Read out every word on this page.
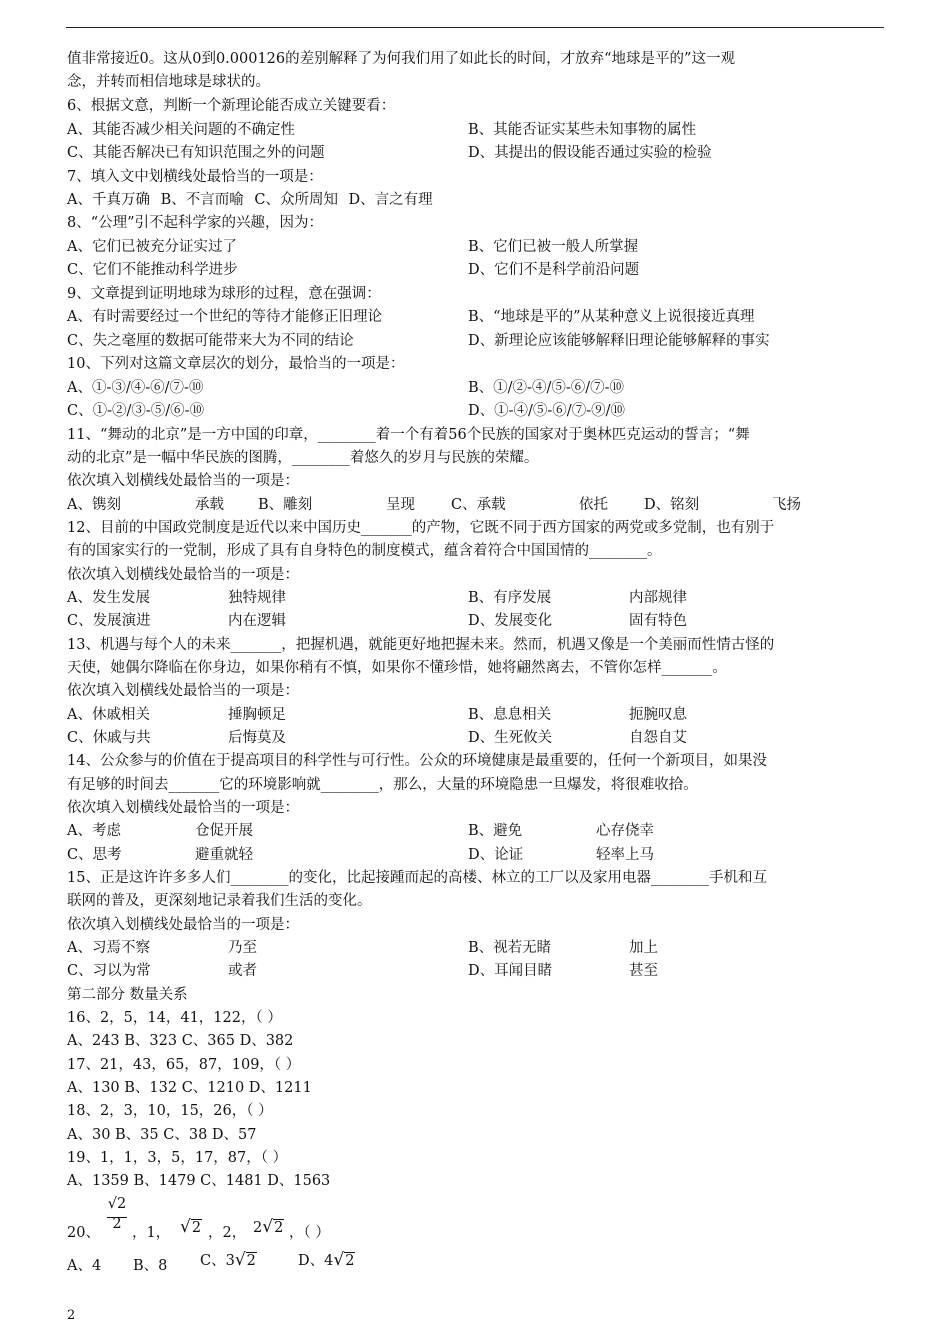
值非常接近0。这从0到0.000126的差别解释了为何我们用了如此长的时间，才放弃“地球是平的”这一观
念，并转而相信地球是球状的。
6、根据文意，判断一个新理论能否成立关键要看：
A、其能否减少相关问题的不确定性	B、其能否证实某些未知事物的属性
C、其能否解决已有知识范围之外的问题	D、其提出的假设能否通过实验的检验
7、填入文中划横线处最恰当的一项是：
A、千真万确 B、不言而喻 C、众所周知 D、言之有理
8、“公理”引不起科学家的兴趣，因为：
A、它们已被充分证实过了	B、它们已被一般人所掌握
C、它们不能推动科学进步	D、它们不是科学前沿问题
9、文章提到证明地球为球形的过程，意在强调：
A、有时需要经过一个世纪的等待才能修正旧理论	B、“地球是平的”从某种意义上说很接近真理
C、失之毫厘的数据可能带来大为不同的结论	D、新理论应该能够解释旧理论能够解释的事实
10、下列对这篇文章层次的划分，最恰当的一项是：
A、①-③/④-⑥/⑦-⑩	B、①/②-④/⑤-⑥/⑦-⑩
C、①-②/③-⑤/⑥-⑩	D、①-④/⑤-⑥/⑦-⑨/⑩
11、“舞动的北京”是一方中国的印章，________着一个有着56个民族的国家对于奥林匹克运动的誓言；“舞
动的北京”是一幅中华民族的图腾，________着悠久的岁月与民族的荣耀。
依次填入划横线处最恰当的一项是：
A、镌刻	承载 B、雕刻	呈现 C、承载	依托 D、铭刻	飞扬
12、目前的中国政党制度是近代以来中国历史_______的产物，它既不同于西方国家的两党或多党制，也有别于
有的国家实行的一党制，形成了具有自身特色的制度模式，蕴含着符合中国国情的________。
依次填入划横线处最恰当的一项是：
A、发生发展	独特规律	B、有序发展	内部规律
C、发展演进	内在逻辑	D、发展变化	固有特色
13、机遇与每个人的未来_______，把握机遇，就能更好地把握未来。然而，机遇又像是一个美丽而性情古怪的
天使，她偶尔降临在你身边，如果你稍有不慎，如果你不懂珍惜，她将翩然离去，不管你怎样_______。
依次填入划横线处最恰当的一项是：
A、休戚相关	捶胸顿足	B、息息相关	扼腕叹息
C、休戚与共	后悔莫及	D、生死攸关	自怨自艾
14、公众参与的价值在于提高项目的科学性与可行性。公众的环境健康是最重要的，任何一个新项目，如果没
有足够的时间去_______它的环境影响就________，那么，大量的环境隐患一旦爆发，将很难收拾。
依次填入划横线处最恰当的一项是：
A、考虑	仓促开展	B、避免	心存侥幸
C、思考	避重就轻	D、论证	轻率上马
15、正是这许许多多人们________的变化，比起接踵而起的高楼、林立的工厂以及家用电器________手机和互
联网的普及，更深刻地记录着我们生活的变化。
依次填入划横线处最恰当的一项是：
A、习焉不察	乃至	B、视若无睹	加上
C、习以为常	或者	D、耳闻目睹	甚至
第二部分 数量关系
16、2，5，14，41，122，（ ）
A、243 B、323 C、365 D、382
17、21，43，65，87，109，（ ）
A、130 B、132 C、1210 D、1211
18、2，3，10，15，26，（ ）
A、30 B、35 C、38 D、57
19、1，1，3，5，17，87，（ ）
A、1359 B、1479 C、1481 D、1563
20、
√2
2
，1， √2 ，2， 2√2 ，（ ）
A、4 B、8 C、3√2	D、4√2
2
